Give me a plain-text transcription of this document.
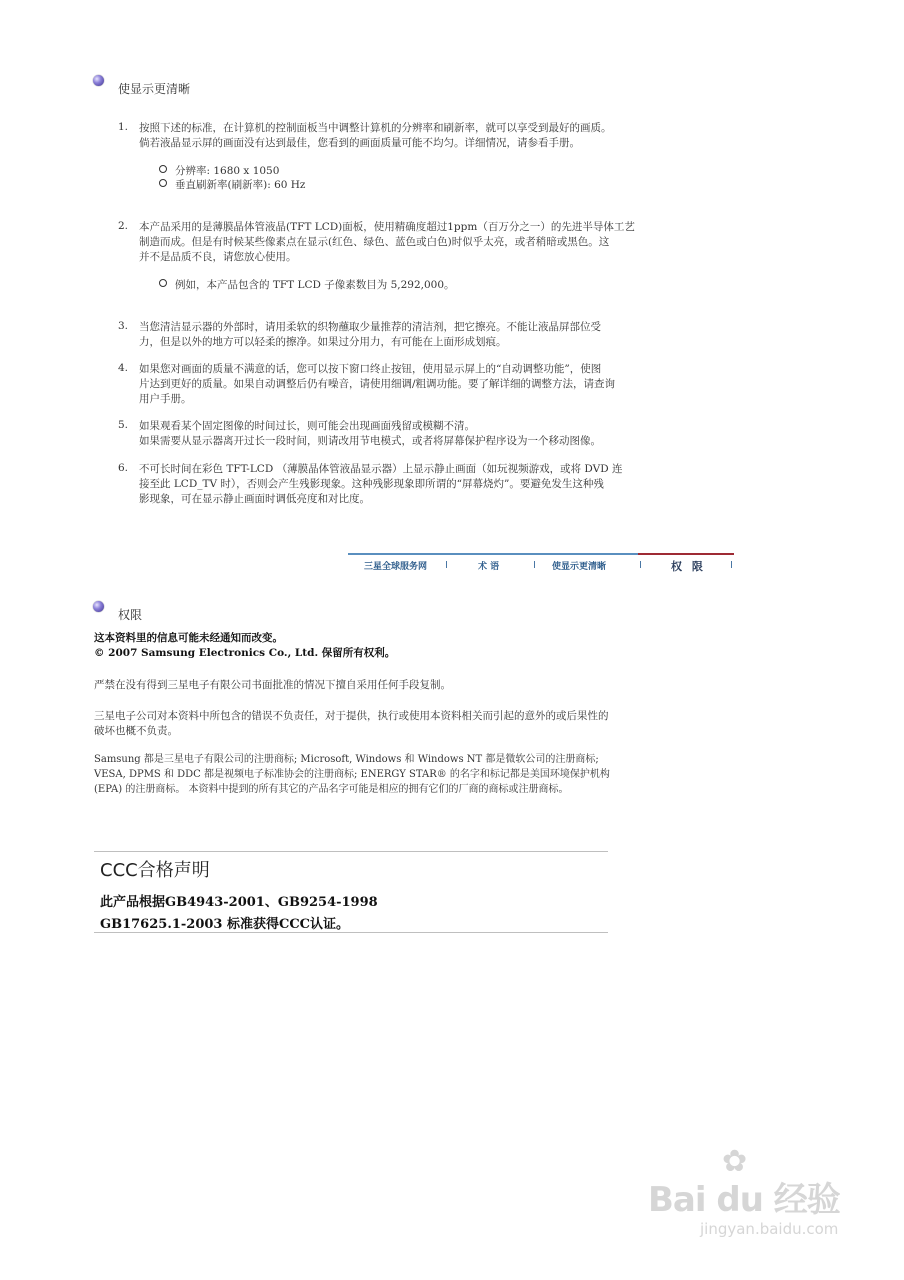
使显示更清晰
1. 按照下述的标准，在计算机的控制面板当中调整计算机的分辨率和刷新率，就可以享受到最好的画质。
倘若液晶显示屏的画面没有达到最佳，您看到的画面质量可能不均匀。详细情况，请参看手册。
分辨率: 1680 x 1050
垂直刷新率(刷新率): 60 Hz
2. 本产品采用的是薄膜晶体管液晶(TFT LCD)面板，使用精确度超过1ppm（百万分之一）的先进半导体工艺
制造而成。但是有时候某些像素点在显示(红色、绿色、蓝色或白色)时似乎太亮，或者稍暗或黑色。这
并不是品质不良，请您放心使用。
例如，本产品包含的 TFT LCD 子像素数目为 5,292,000。
3. 当您清洁显示器的外部时，请用柔软的织物蘸取少量推荐的清洁剂，把它擦亮。不能让液晶屏部位受
力，但是以外的地方可以轻柔的擦净。如果过分用力，有可能在上面形成划痕。
4. 如果您对画面的质量不满意的话，您可以按下窗口终止按钮，使用显示屏上的“自动调整功能”，使图
片达到更好的质量。如果自动调整后仍有噪音，请使用细调/粗调功能。要了解详细的调整方法，请查询
用户手册。
5. 如果观看某个固定图像的时间过长，则可能会出现画面残留或模糊不清。
如果需要从显示器离开过长一段时间，则请改用节电模式，或者将屏幕保护程序设为一个移动图像。
6. 不可长时间在彩色 TFT-LCD （薄膜晶体管液晶显示器）上显示静止画面（如玩视频游戏，或将 DVD 连
接至此 LCD_TV 时），否则会产生残影现象。这种残影现象即所谓的“屏幕烧灼”。要避免发生这种残
影现象，可在显示静止画面时调低亮度和对比度。
三星全球服务网	术 语	使显示更清晰	权 限
权限
这本资料里的信息可能未经通知而改变。
© 2007 Samsung Electronics Co., Ltd. 保留所有权利。
严禁在没有得到三星电子有限公司书面批准的情况下擅自采用任何手段复制。
三星电子公司对本资料中所包含的错误不负责任，对于提供，执行或使用本资料相关而引起的意外的或后果性的
破坏也概不负责。
Samsung 都是三星电子有限公司的注册商标; Microsoft, Windows 和 Windows NT 都是微软公司的注册商标;
VESA, DPMS 和 DDC 都是视频电子标准协会的注册商标; ENERGY STAR® 的名字和标记都是美国环境保护机构
(EPA) 的注册商标。 本资料中提到的所有其它的产品名字可能是相应的拥有它们的厂商的商标或注册商标。
CCC合格声明
此产品根据GB4943-2001、GB9254-1998
GB17625.1-2003 标准获得CCC认证。
Bai du 经验
✿
jingyan.baidu.com
